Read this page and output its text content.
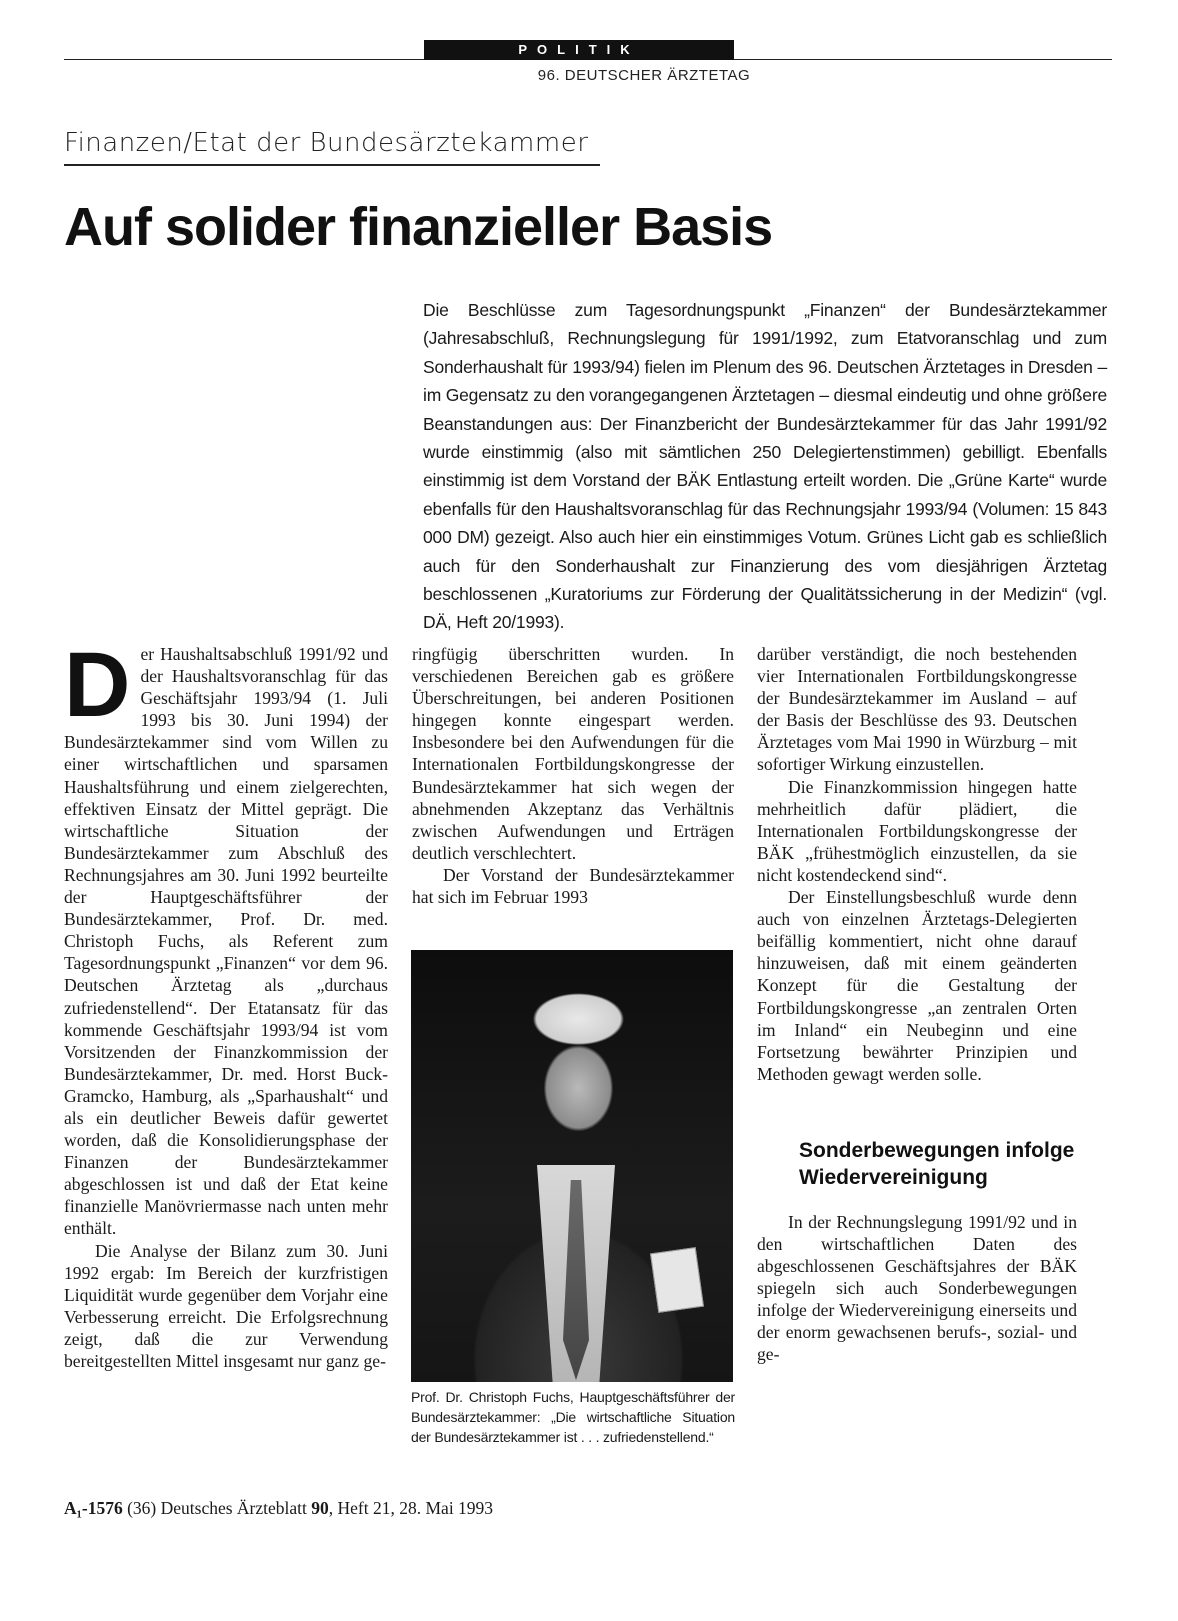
POLITIK
96. DEUTSCHER ÄRZTETAG
Finanzen/Etat der Bundesärztekammer
Auf solider finanzieller Basis
Die Beschlüsse zum Tagesordnungspunkt „Finanzen“ der Bundesärztekammer (Jahresabschluß, Rechnungslegung für 1991/1992, zum Etatvoranschlag und zum Sonderhaushalt für 1993/94) fielen im Plenum des 96. Deutschen Ärztetages in Dresden – im Gegensatz zu den vorangegangenen Ärztetagen – diesmal eindeutig und ohne größere Beanstandungen aus: Der Finanzbericht der Bundesärztekammer für das Jahr 1991/92 wurde einstimmig (also mit sämtlichen 250 Delegiertenstimmen) gebilligt. Ebenfalls einstimmig ist dem Vorstand der BÄK Entlastung erteilt worden. Die „Grüne Karte“ wurde ebenfalls für den Haushaltsvoranschlag für das Rechnungsjahr 1993/94 (Volumen: 15 843 000 DM) gezeigt. Also auch hier ein einstimmiges Votum. Grünes Licht gab es schließlich auch für den Sonderhaushalt zur Finanzierung des vom diesjährigen Ärztetag beschlossenen „Kuratoriums zur Förderung der Qualitätssicherung in der Medizin“ (vgl. DÄ, Heft 20/1993).

Der Haushaltsabschluß 1991/92 und der Haushaltsvoranschlag für das Geschäftsjahr 1993/94 (1. Juli 1993 bis 30. Juni 1994) der Bundesärztekammer sind vom Willen zu einer wirtschaftlichen und sparsamen Haushaltsführung und einem zielgerechten, effektiven Einsatz der Mittel geprägt. Die wirtschaftliche Situation der Bundesärztekammer zum Abschluß des Rechnungsjahres am 30. Juni 1992 beurteilte der Hauptgeschäftsführer der Bundesärztekammer, Prof. Dr. med. Christoph Fuchs, als Referent zum Tagesordnungspunkt „Finanzen“ vor dem 96. Deutschen Ärztetag als „durchaus zufriedenstellend“. Der Etatansatz für das kommende Geschäftsjahr 1993/94 ist vom Vorsitzenden der Finanzkommission der Bundesärztekammer, Dr. med. Horst Buck-Gramcko, Hamburg, als „Sparhaushalt“ und als ein deutlicher Beweis dafür gewertet worden, daß die Konsolidierungsphase der Finanzen der Bundesärztekammer abgeschlossen ist und daß der Etat keine finanzielle Manövriermasse nach unten mehr enthält.

Die Analyse der Bilanz zum 30. Juni 1992 ergab: Im Bereich der kurzfristigen Liquidität wurde gegenüber dem Vorjahr eine Verbesserung erreicht. Die Erfolgsrechnung zeigt, daß die zur Verwendung bereitgestellten Mittel insgesamt nur ganz ge-

ringfügig überschritten wurden. In verschiedenen Bereichen gab es größere Überschreitungen, bei anderen Positionen hingegen konnte eingespart werden. Insbesondere bei den Aufwendungen für die Internationalen Fortbildungskongresse der Bundesärztekammer hat sich wegen der abnehmenden Akzeptanz das Verhältnis zwischen Aufwendungen und Erträgen deutlich verschlechtert.

Der Vorstand der Bundesärztekammer hat sich im Februar 1993

Prof. Dr. Christoph Fuchs, Hauptgeschäftsführer der Bundesärztekammer: „Die wirtschaftliche Situation der Bundesärztekammer ist . . . zufriedenstellend.“

darüber verständigt, die noch bestehenden vier Internationalen Fortbildungskongresse der Bundesärztekammer im Ausland – auf der Basis der Beschlüsse des 93. Deutschen Ärztetages vom Mai 1990 in Würzburg – mit sofortiger Wirkung einzustellen.

Die Finanzkommission hingegen hatte mehrheitlich dafür plädiert, die Internationalen Fortbildungskongresse der BÄK „frühestmöglich einzustellen, da sie nicht kostendeckend sind“.

Der Einstellungsbeschluß wurde denn auch von einzelnen Ärztetags-Delegierten beifällig kommentiert, nicht ohne darauf hinzuweisen, daß mit einem geänderten Konzept für die Gestaltung der Fortbildungskongresse „an zentralen Orten im Inland“ ein Neubeginn und eine Fortsetzung bewährter Prinzipien und Methoden gewagt werden solle.

Sonderbewegungen infolge Wiedervereinigung

In der Rechnungslegung 1991/92 und in den wirtschaftlichen Daten des abgeschlossenen Geschäftsjahres der BÄK spiegeln sich auch Sonderbewegungen infolge der Wiedervereinigung einerseits und der enorm gewachsenen berufs-, sozial- und ge-

A₁-1576 (36) Deutsches Ärzteblatt 90, Heft 21, 28. Mai 1993
